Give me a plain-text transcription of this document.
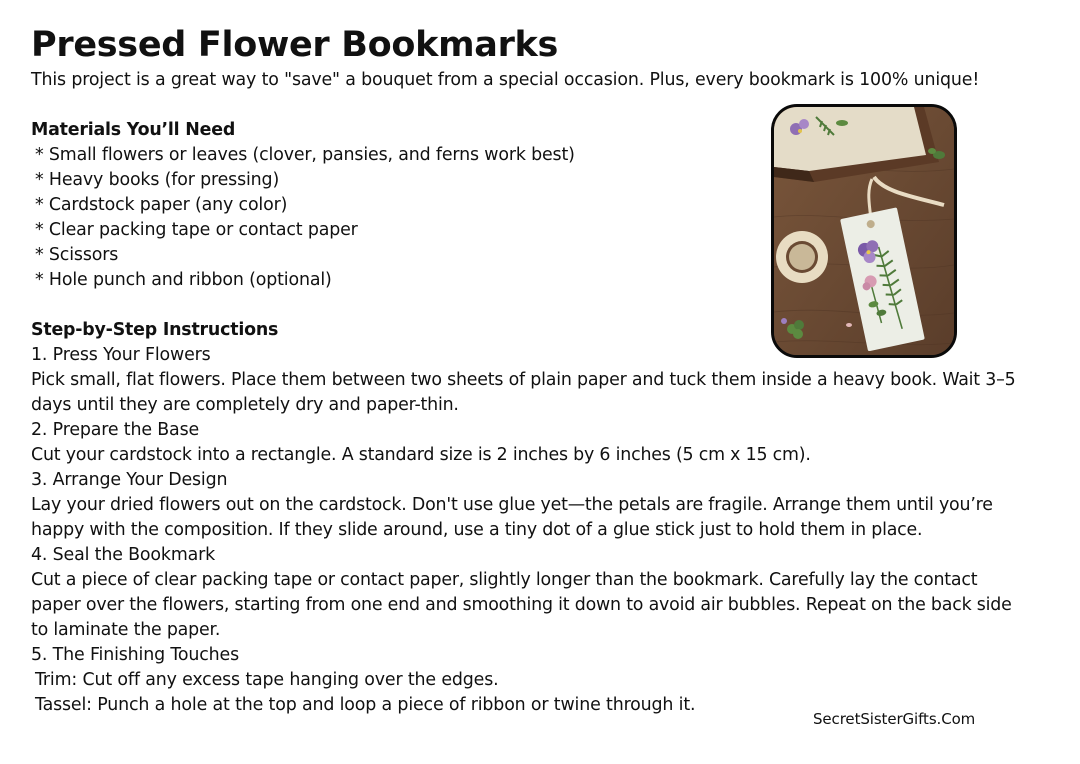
Pressed Flower Bookmarks

This project is a great way to "save" a bouquet from a special occasion. Plus, every bookmark is 100% unique!

Materials You’ll Need
* Small flowers or leaves (clover, pansies, and ferns work best)
* Heavy books (for pressing)
* Cardstock paper (any color)
* Clear packing tape or contact paper
* Scissors
* Hole punch and ribbon (optional)
Step-by-Step Instructions
1. Press Your Flowers
Pick small, flat flowers. Place them between two sheets of plain paper and tuck them inside a heavy book. Wait 3–5 days until they are completely dry and paper-thin.
2. Prepare the Base
Cut your cardstock into a rectangle. A standard size is 2 inches by 6 inches (5 cm x 15 cm).
3. Arrange Your Design
Lay your dried flowers out on the cardstock. Don't use glue yet—the petals are fragile. Arrange them until you’re happy with the composition. If they slide around, use a tiny dot of a glue stick just to hold them in place.
4. Seal the Bookmark
Cut a piece of clear packing tape or contact paper, slightly longer than the bookmark. Carefully lay the contact paper over the flowers, starting from one end and smoothing it down to avoid air bubbles. Repeat on the back side to laminate the paper.
5. The Finishing Touches
Trim: Cut off any excess tape hanging over the edges.
Tassel: Punch a hole at the top and loop a piece of ribbon or twine through it.
SecretSisterGifts.Com
